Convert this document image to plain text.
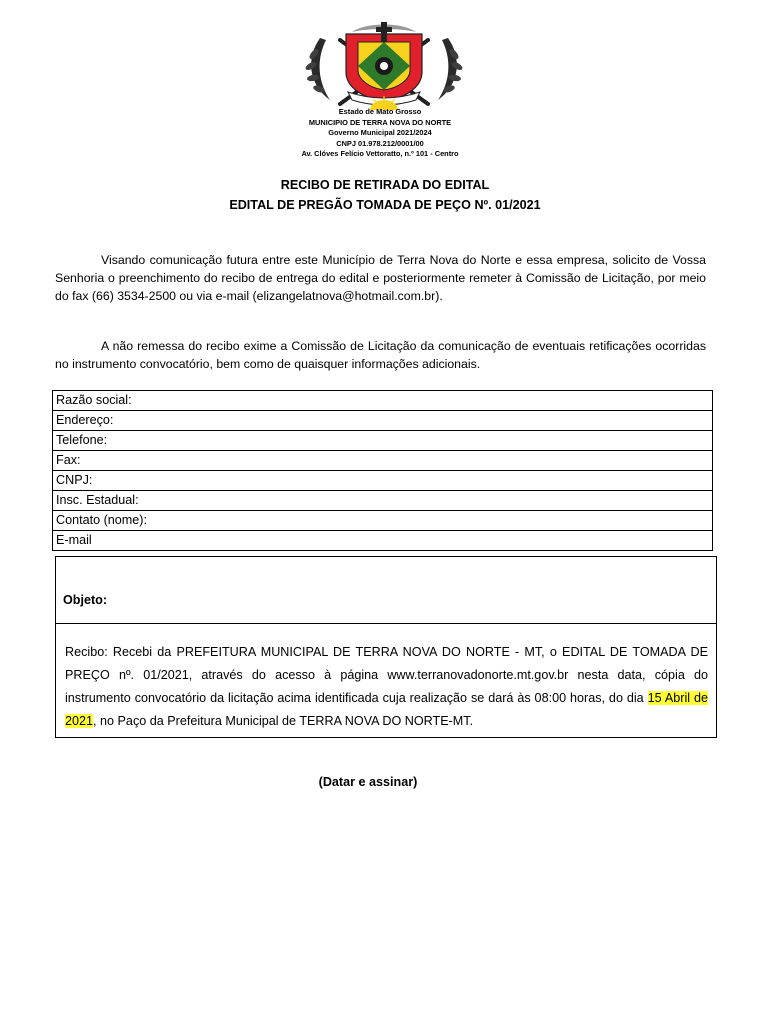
Estado de Mato Grosso
MUNICIPIO DE TERRA NOVA DO NORTE
Governo Municipal 2021/2024
CNPJ 01.978.212/0001/00
Av. Clóves Felício Vettoratto, n.º 101 - Centro
RECIBO DE RETIRADA DO EDITAL
EDITAL DE PREGÃO TOMADA DE PEÇO Nº. 01/2021
Visando comunicação futura entre este Município de Terra Nova do Norte e essa empresa, solicito de Vossa Senhoria o preenchimento do recibo de entrega do edital e posteriormente remeter à Comissão de Licitação, por meio do fax (66) 3534-2500 ou via e-mail (elizangelatnova@hotmail.com.br).
A não remessa do recibo exime a Comissão de Licitação da comunicação de eventuais retificações ocorridas no instrumento convocatório, bem como de quaisquer informações adicionais.
Razão social:
Endereço:
Telefone:
Fax:
CNPJ:
Insc. Estadual:
Contato (nome):
E-mail
Objeto:
Recibo: Recebi da PREFEITURA MUNICIPAL DE TERRA NOVA DO NORTE - MT, o EDITAL DE TOMADA DE PREÇO nº. 01/2021, através do acesso à página www.terranovadonorte.mt.gov.br nesta data, cópia do instrumento convocatório da licitação acima identificada cuja realização se dará às 08:00 horas, do dia 15 Abril de 2021, no Paço da Prefeitura Municipal de TERRA NOVA DO NORTE-MT.
(Datar e assinar)
